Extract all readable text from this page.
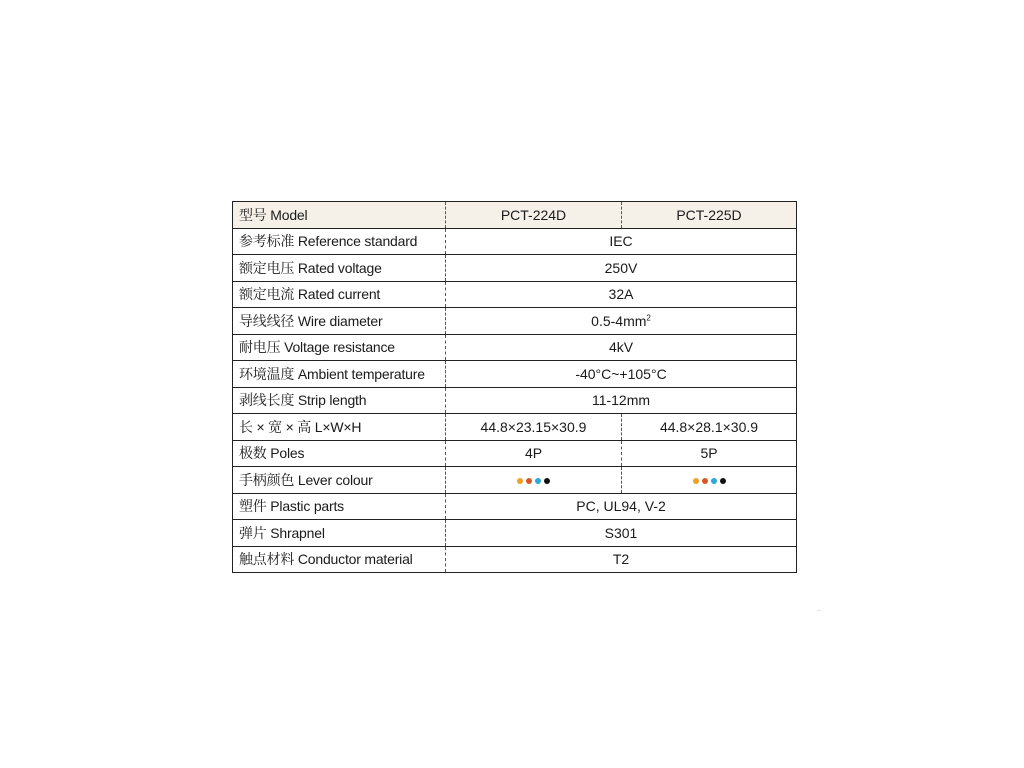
型号 Model	PCT-224D	PCT-225D
参考标准 Reference standard	IEC	
额定电压 Rated voltage	250V	
额定电流 Rated current	32A	
导线线径 Wire diameter	$0.5-4mm^2$
耐电压 Voltage resistance	4kV	
环境温度 Ambient temperature	-40°C~+105°C	
剥线长度 Strip length	11-12mm	
长 × 宽 × 高 L×W×H	44.8×23.15×30.9	44.8×28.1×30.9
极数 Poles	4P	5P
手柄颜色 Lever colour	

塑件 Plastic parts	PC, UL94, V-2	
弹片 Shrapnel	S301	
触点材料 Conductor material	T2	
